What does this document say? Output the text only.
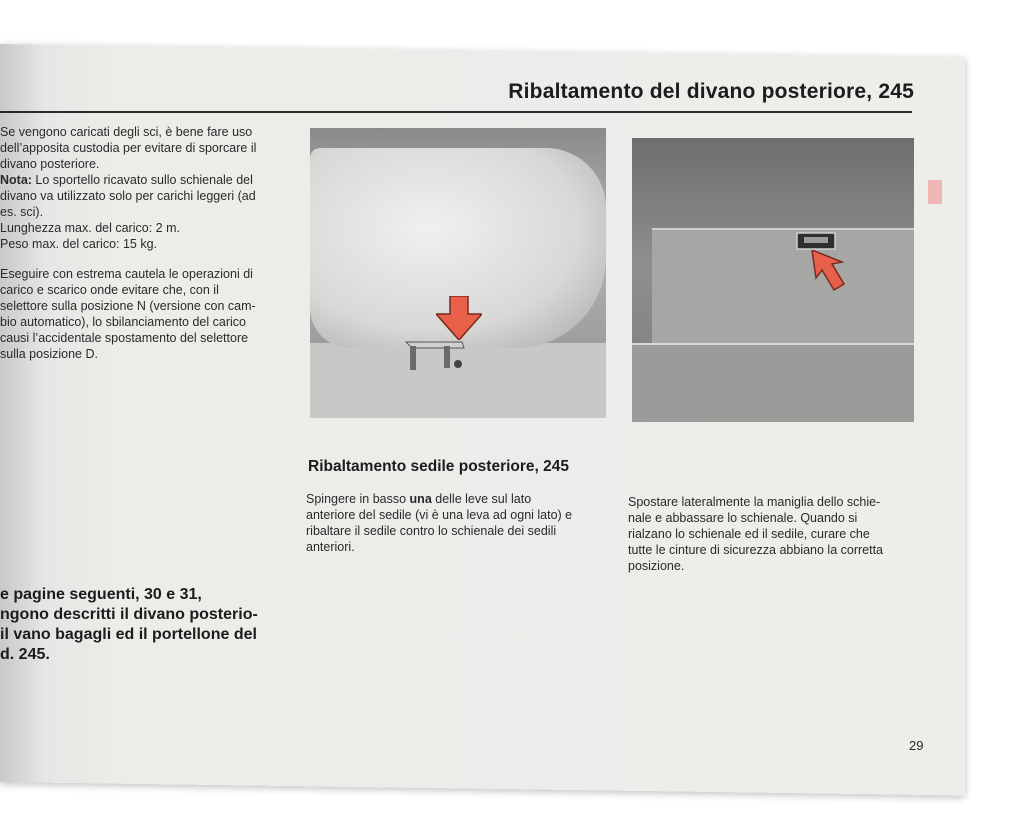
Ribaltamento del divano posteriore, 245

Se vengono caricati degli sci, è bene fare uso
dell’apposita custodia per evitare di sporcare il
divano posteriore.
Nota: Lo sportello ricavato sullo schienale del
divano va utilizzato solo per carichi leggeri (ad
es. sci).
Lunghezza max. del carico: 2 m.
Peso max. del carico: 15 kg.

Eseguire con estrema cautela le operazioni di
carico e scarico onde evitare che, con il
selettore sulla posizione N (versione con cam-
bio automatico), lo sbilanciamento del carico
causi l’accidentale spostamento del selettore
sulla posizione D.

e pagine seguenti, 30 e 31,
ngono descritti il divano posterio-
il vano bagagli ed il portellone del
d. 245.
Ribaltamento sedile posteriore, 245
Spingere in basso una delle leve sul lato
anteriore del sedile (vi è una leva ad ogni lato) e
ribaltare il sedile contro lo schienale dei sedili
anteriori.
Spostare lateralmente la maniglia dello schie-
nale e abbassare lo schienale. Quando si
rialzano lo schienale ed il sedile, curare che
tutte le cinture di sicurezza abbiano la corretta
posizione.
29
